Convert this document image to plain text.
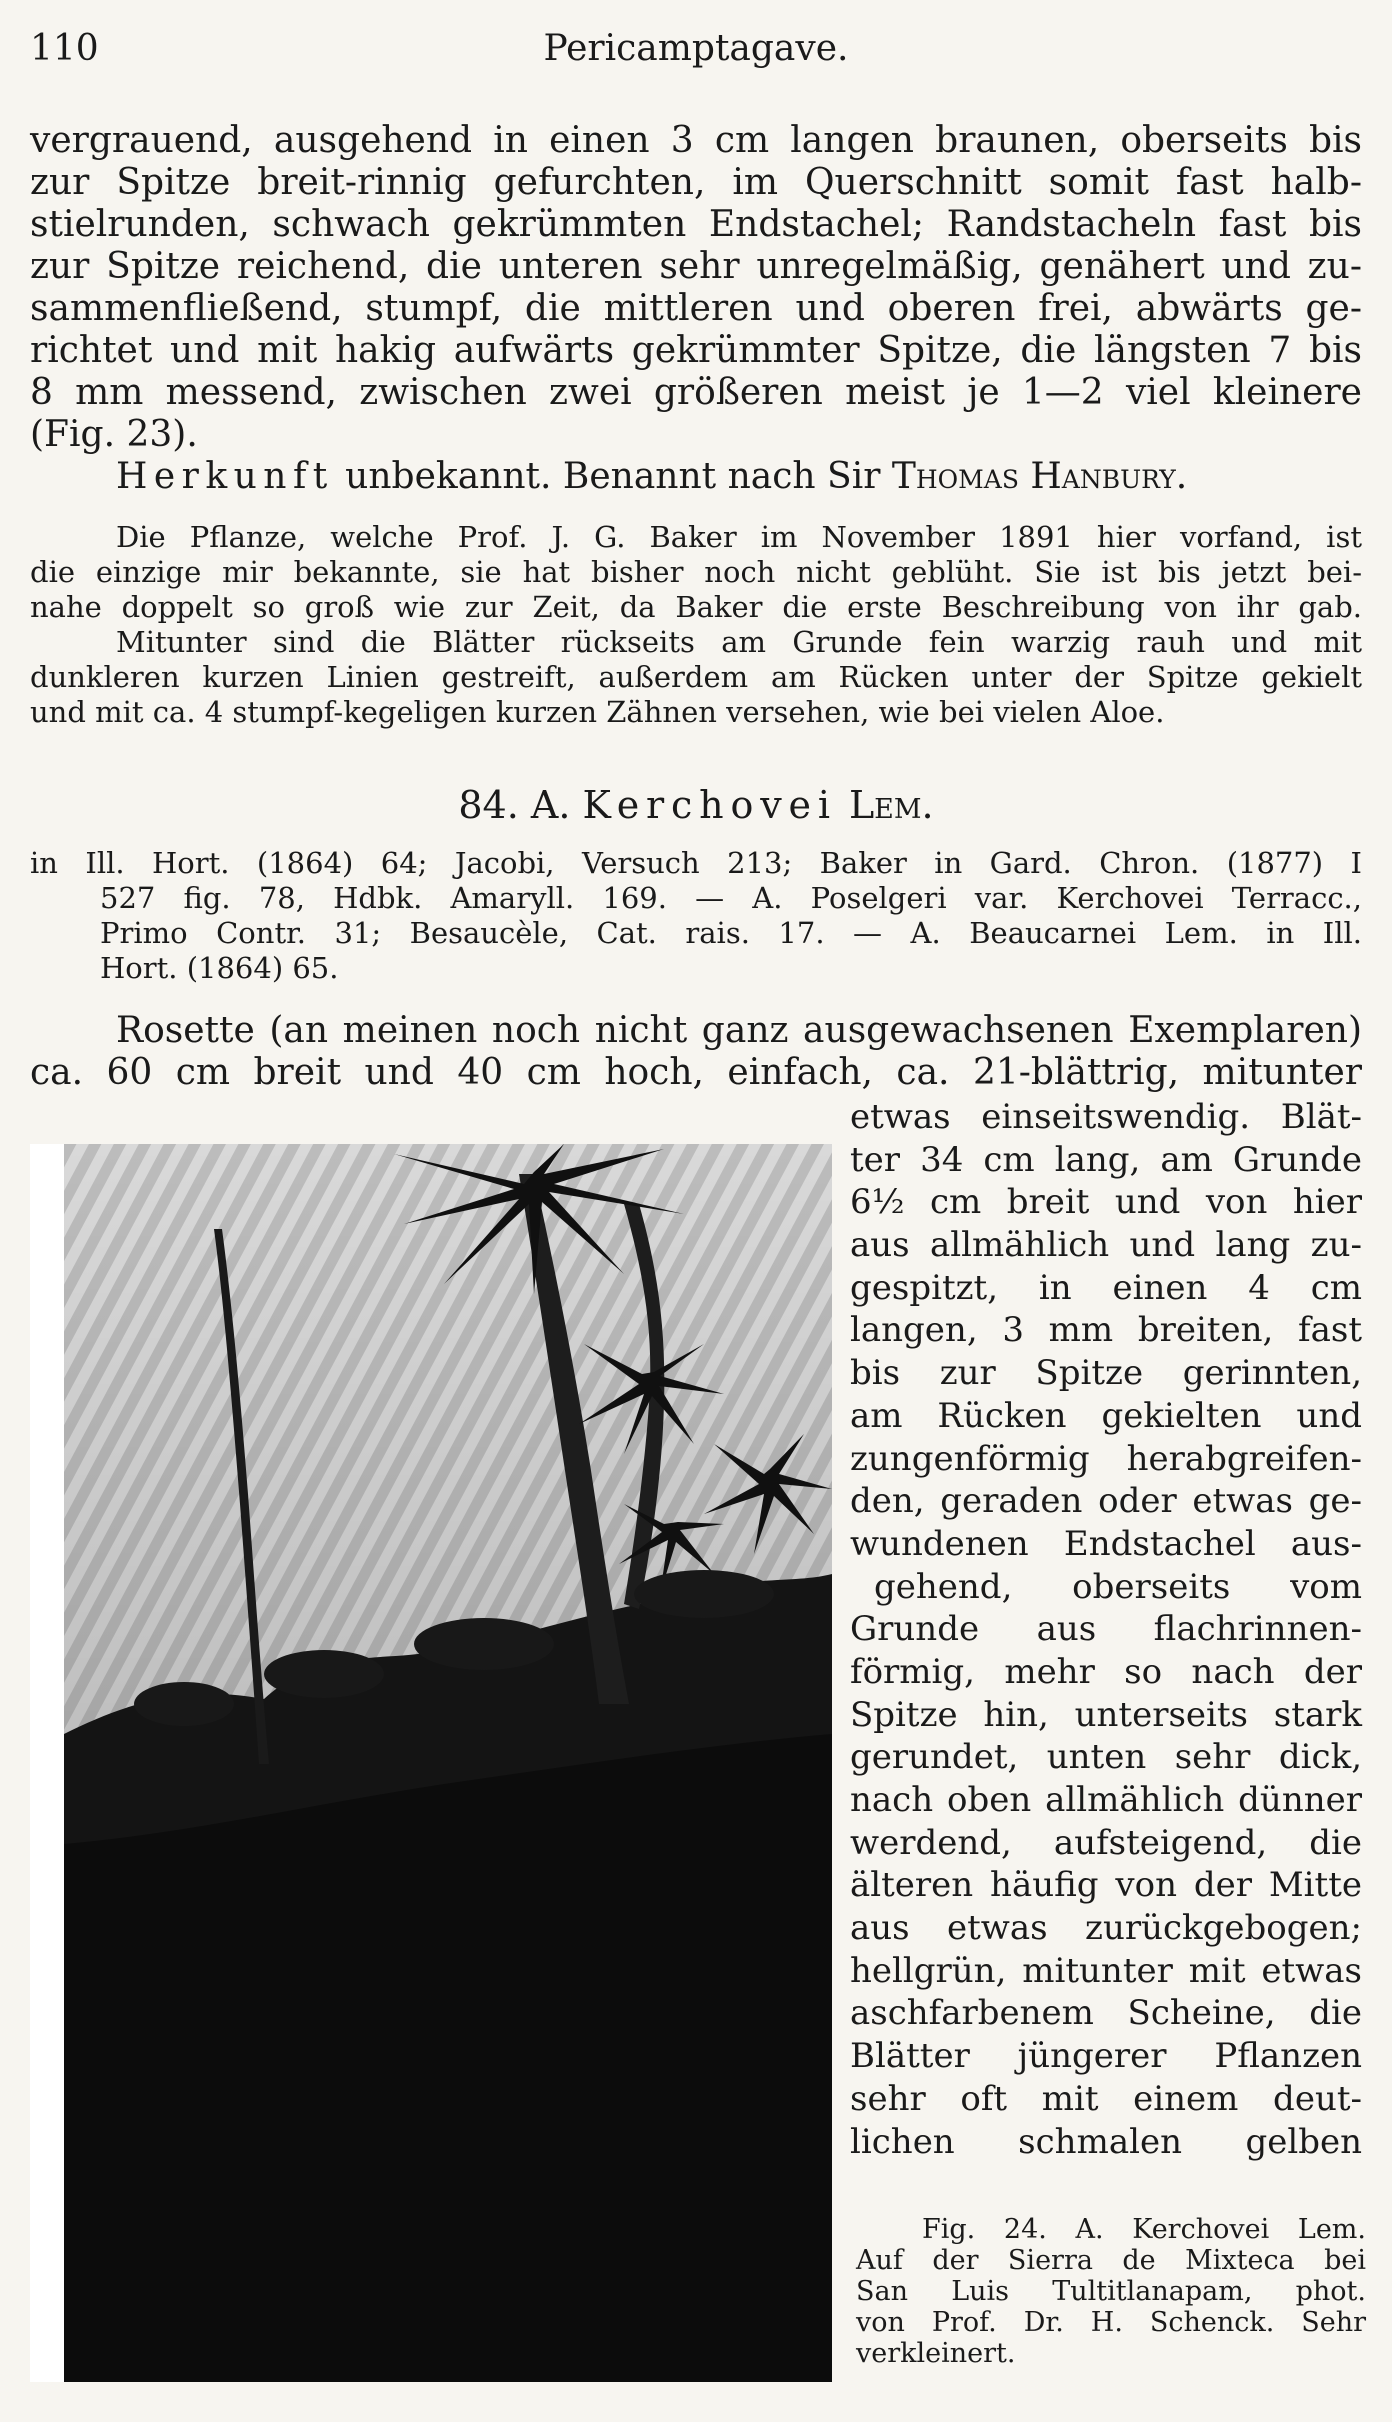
110	Pericamptagave.
vergrauend, ausgehend in einen 3 cm langen braunen, oberseits bis
zur Spitze breit-rinnig gefurchten, im Querschnitt somit fast halb-
stielrunden, schwach gekrümmten Endstachel; Randstacheln fast bis
zur Spitze reichend, die unteren sehr unregelmäßig, genähert und zu-
sammenfließend, stumpf, die mittleren und oberen frei, abwärts ge-
richtet und mit hakig aufwärts gekrümmter Spitze, die längsten 7 bis
8 mm messend, zwischen zwei größeren meist je 1—2 viel kleinere
(Fig. 23).
Herkunft unbekannt. Benannt nach Sir Thomas Hanbury.
Die Pflanze, welche Prof. J. G. Baker im November 1891 hier vorfand, ist
die einzige mir bekannte, sie hat bisher noch nicht geblüht. Sie ist bis jetzt bei-
nahe doppelt so groß wie zur Zeit, da Baker die erste Beschreibung von ihr gab.
Mitunter sind die Blätter rückseits am Grunde fein warzig rauh und mit
dunkleren kurzen Linien gestreift, außerdem am Rücken unter der Spitze gekielt
und mit ca. 4 stumpf-kegeligen kurzen Zähnen versehen, wie bei vielen Aloe.
84. A. Kerchovei Lem.
in Ill. Hort. (1864) 64; Jacobi, Versuch 213; Baker in Gard. Chron. (1877) I
527 fig. 78, Hdbk. Amaryll. 169. — A. Poselgeri var. Kerchovei Terracc.,
Primo Contr. 31; Besaucèle, Cat. rais. 17. — A. Beaucarnei Lem. in Ill.
Hort. (1864) 65.
Rosette (an meinen noch nicht ganz ausgewachsenen Exemplaren)
ca. 60 cm breit und 40 cm hoch, einfach, ca. 21-blättrig, mitunter
etwas einseitswendig. Blät-
ter 34 cm lang, am Grunde
6½ cm breit und von hier
aus allmählich und lang zu-
gespitzt, in einen 4 cm
langen, 3 mm breiten, fast
bis zur Spitze gerinnten,
am Rücken gekielten und
zungenförmig herabgreifen-
den, geraden oder etwas ge-
wundenen Endstachel aus-
gehend, oberseits vom
Grunde aus flachrinnen-
förmig, mehr so nach der
Spitze hin, unterseits stark
gerundet, unten sehr dick,
nach oben allmählich dünner
werdend, aufsteigend, die
älteren häufig von der Mitte
aus etwas zurückgebogen;
hellgrün, mitunter mit etwas
aschfarbenem Scheine, die
Blätter jüngerer Pflanzen
sehr oft mit einem deut-
lichen schmalen gelben
Fig. 24. A. Kerchovei Lem.
Auf der Sierra de Mixteca bei
San Luis Tultitlanapam, phot.
von Prof. Dr. H. Schenck. Sehr
verkleinert.
